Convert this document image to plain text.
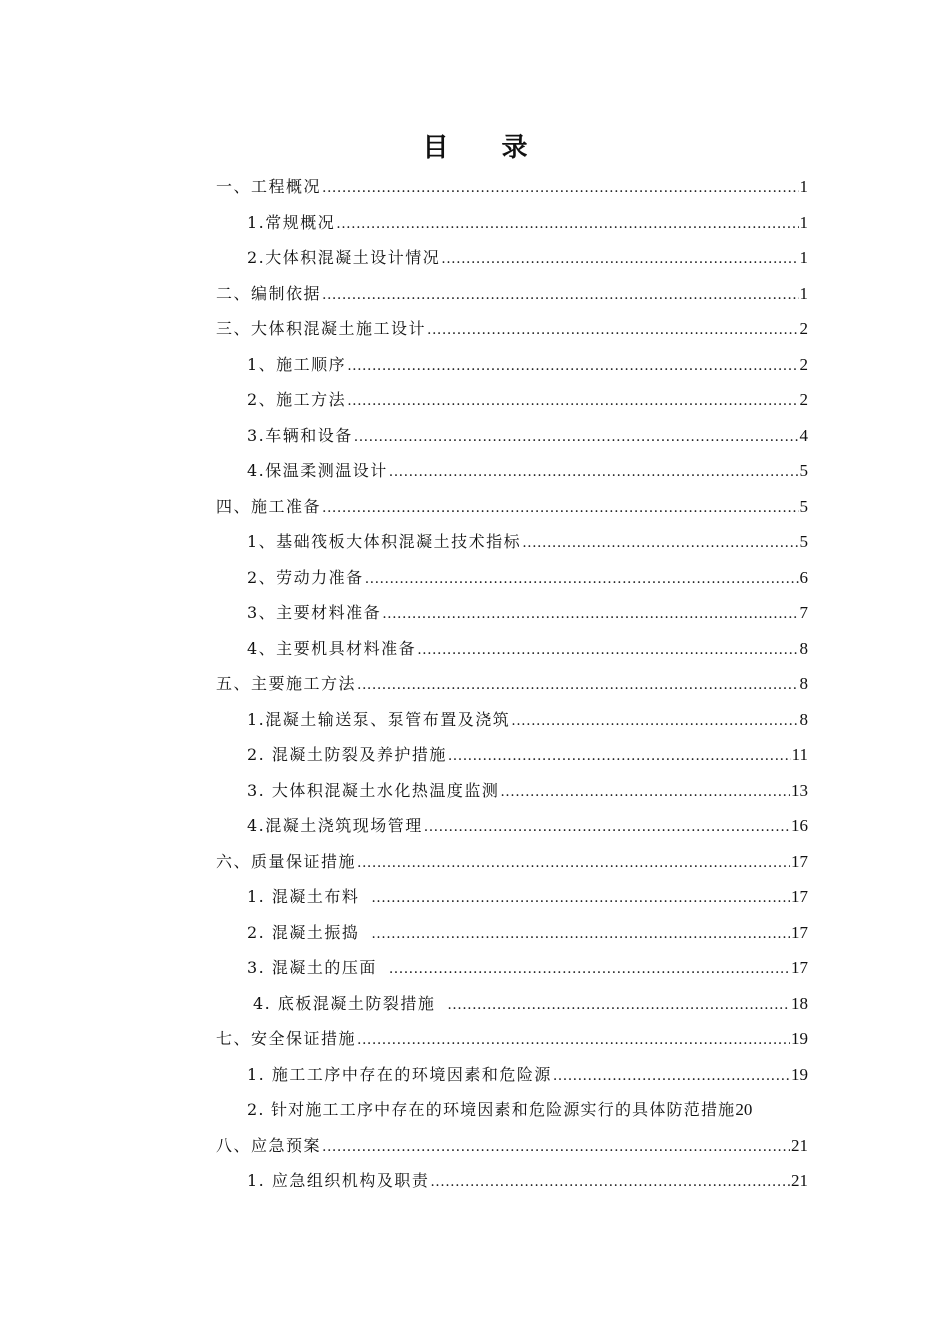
目 录
一、工程概况 .....	1
1.常规概况 .....	1
2.大体积混凝土设计情况 .....	1
二、编制依据 .....	1
三、大体积混凝土施工设计 .....	2
1、施工顺序 .....	2
2、施工方法 .....	2
3.车辆和设备 .....	4
4.保温柔测温设计 .....	5
四、施工准备 .....	5
1、基础筏板大体积混凝土技术指标 .....	5
2、劳动力准备 .....	6
3、主要材料准备 .....	7
4、主要机具材料准备 .....	8
五、主要施工方法 .....	8
1.混凝土输送泵、泵管布置及浇筑 .....	8
2. 混凝土防裂及养护措施 .....	11
3. 大体积混凝土水化热温度监测 .....	13
4.混凝土浇筑现场管理 .....	16
六、质量保证措施 .....	17
1. 混凝土布料 .....	17
2. 混凝土振捣 .....	17
3. 混凝土的压面 .....	17
4. 底板混凝土防裂措施 .....	18
七、安全保证措施 .....	19
1. 施工工序中存在的环境因素和危险源 .....	19
2. 针对施工工序中存在的环境因素和危险源实行的具体防范措施 20
八、应急预案 .....	21
1. 应急组织机构及职责 .....	21
